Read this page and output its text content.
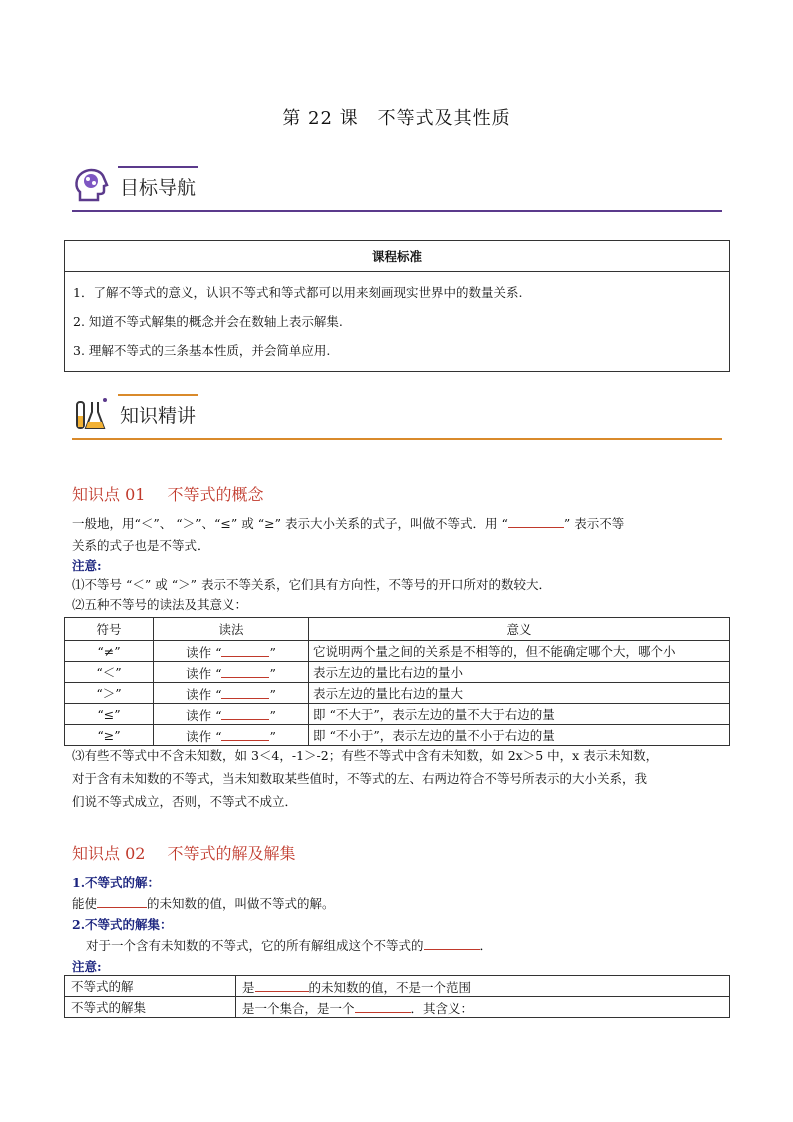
第 22 课　不等式及其性质
目标导航
课程标准

1．了解不等式的意义，认识不等式和等式都可以用来刻画现实世界中的数量关系.
2. 知道不等式解集的概念并会在数轴上表示解集.
3. 理解不等式的三条基本性质，并会简单应用.
知识精讲
知识点 01 不等式的概念
一般地，用“＜”、 “＞”、“≤” 或 “≥” 表示大小关系的式子，叫做不等式．用 “	” 表示不等
关系的式子也是不等式．
注意:
⑴不等号 “＜” 或 “＞” 表示不等关系，它们具有方向性，不等号的开口所对的数较大．
⑵五种不等号的读法及其意义：
符号	读法	意义
“≠”	读作 “ ”	它说明两个量之间的关系是不相等的，但不能确定哪个大，哪个小
“＜”	读作 “ ”	表示左边的量比右边的量小
“＞”	读作 “ ”	表示左边的量比右边的量大
“≤”	读作 “ ”	即 “不大于”，表示左边的量不大于右边的量
“≥”	读作 “ ”	即 “不小于”，表示左边的量不小于右边的量
⑶有些不等式中不含未知数，如 3＜4，-1＞-2；有些不等式中含有未知数，如 2x＞5 中，x 表示未知数，
对于含有未知数的不等式，当未知数取某些值时，不等式的左、右两边符合不等号所表示的大小关系，我
们说不等式成立，否则，不等式不成立．
知识点 02 不等式的解及解集
1.不等式的解：
能使	的未知数的值，叫做不等式的解。
2.不等式的解集：
对于一个含有未知数的不等式，它的所有解组成这个不等式的	．
注意:
不等式的解	是 的未知数的值，不是一个范围
不等式的解集	是一个集合，是一个 ．其含义：
